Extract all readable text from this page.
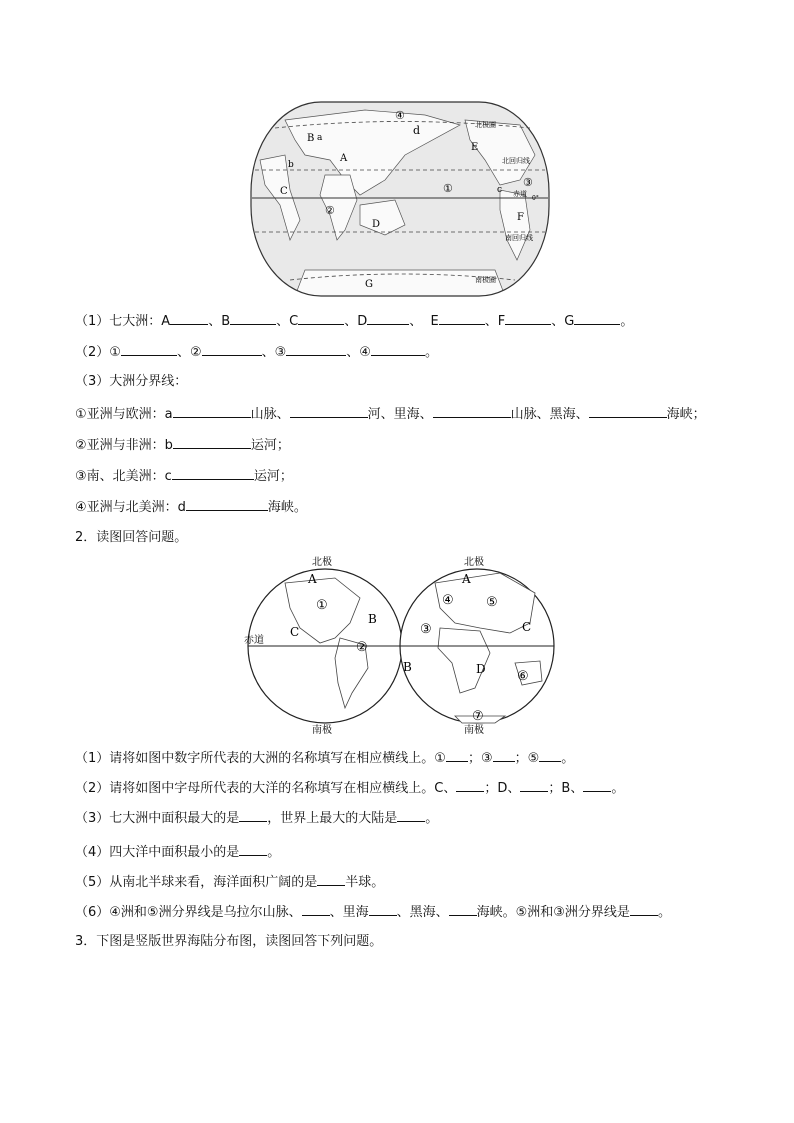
北极圈
北回归线
赤道
0°
南回归线
南极圈
A
B
C
D
E
F
G
①
②
③
④
a
b
c
d
（1）七大洲：A	、B	、C	、D	、 E	、F	、G	。
（2）①	、②	、③	、④	。
（3）大洲分界线：
①亚洲与欧洲：a	山脉、	河、里海、	山脉、黑海、	海峡；
②亚洲与非洲：b	运河；
③南、北美洲：c	运河；
④亚洲与北美洲：d	海峡。
2．读图回答问题。
北极	北极
南极	南极
赤道
A
B
C
①
②
A
B
C
D
③
④ ⑤
⑥
⑦
（1）请将如图中数字所代表的大洲的名称填写在相应横线上。① ；③ ；⑤ 。
（2）请将如图中字母所代表的大洋的名称填写在相应横线上。C、 ；D、 ；B、 。
（3）七大洲中面积最大的是 ，世界上最大的大陆是 。
（4）四大洋中面积最小的是 。
（5）从南北半球来看，海洋面积广阔的是 半球。
（6）④洲和⑤洲分界线是乌拉尔山脉、 、里海 、黑海、 海峡。⑤洲和③洲分界线是 。
3．下图是竖版世界海陆分布图，读图回答下列问题。
